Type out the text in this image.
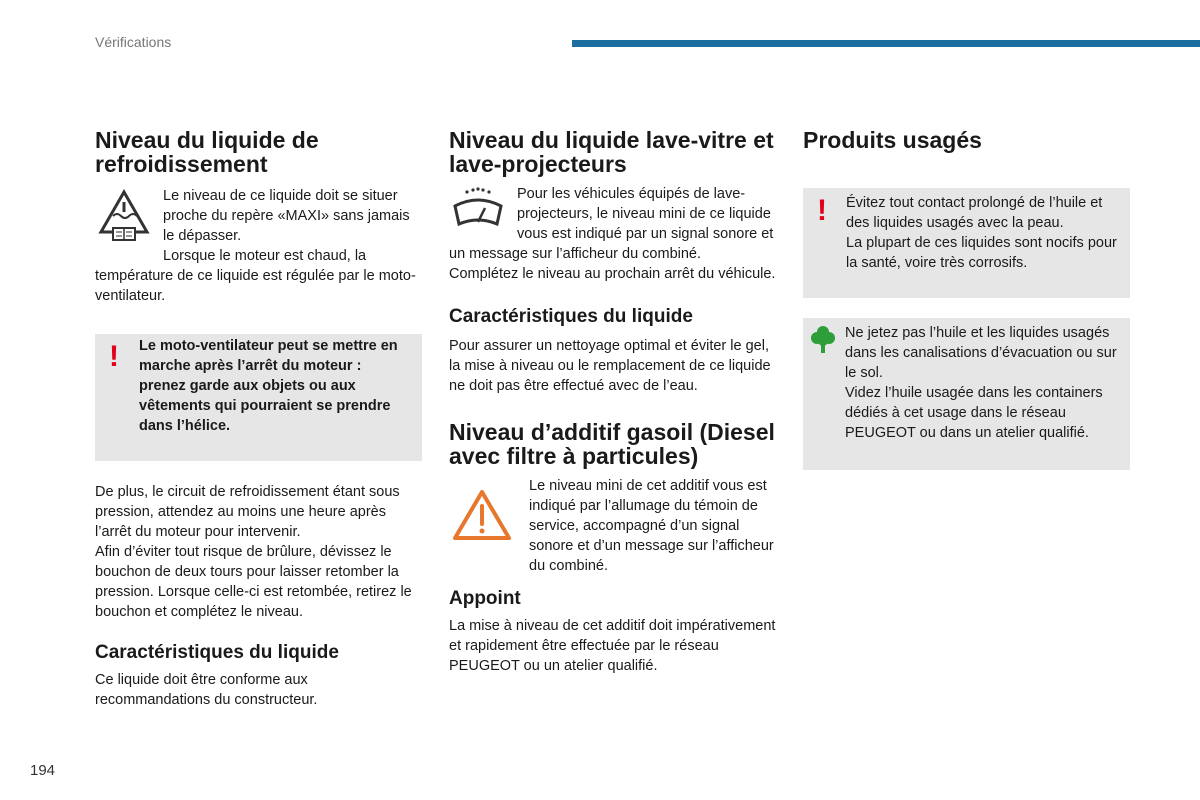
Vérifications
194
Niveau du liquide de refroidissement

Le niveau de ce liquide doit se situer proche du repère «MAXI» sans jamais le dépasser.

Lorsque le moteur est chaud, la température de ce liquide est régulée par le moto-ventilateur.

! Le moto-ventilateur peut se mettre en marche après l’arrêt du moteur : prenez garde aux objets ou aux vêtements qui pourraient se prendre dans l’hélice.

De plus, le circuit de refroidissement étant sous pression, attendez au moins une heure après l’arrêt du moteur pour intervenir.

Afin d’éviter tout risque de brûlure, dévissez le bouchon de deux tours pour laisser retomber la pression. Lorsque celle-ci est retombée, retirez le bouchon et complétez le niveau.

Caractéristiques du liquide

Ce liquide doit être conforme aux recommandations du constructeur.

Niveau du liquide lave-vitre et lave-projecteurs

Pour les véhicules équipés de lave-projecteurs, le niveau mini de ce liquide vous est indiqué par un signal sonore et un message sur l’afficheur du combiné.

Complétez le niveau au prochain arrêt du véhicule.

Caractéristiques du liquide

Pour assurer un nettoyage optimal et éviter le gel, la mise à niveau ou le remplacement de ce liquide ne doit pas être effectué avec de l’eau.

Niveau d’additif gasoil (Diesel avec filtre à particules)

Le niveau mini de cet additif vous est indiqué par l’allumage du témoin de service, accompagné d’un signal sonore et d’un message sur l’afficheur du combiné.

Appoint

La mise à niveau de cet additif doit impérativement et rapidement être effectuée par le réseau PEUGEOT ou un atelier qualifié.

Produits usagés
! Évitez tout contact prolongé de l’huile et des liquides usagés avec la peau.

La plupart de ces liquides sont nocifs pour la santé, voire très corrosifs.

Ne jetez pas l’huile et les liquides usagés dans les canalisations d’évacuation ou sur le sol.

Videz l’huile usagée dans les containers dédiés à cet usage dans le réseau PEUGEOT ou dans un atelier qualifié.
